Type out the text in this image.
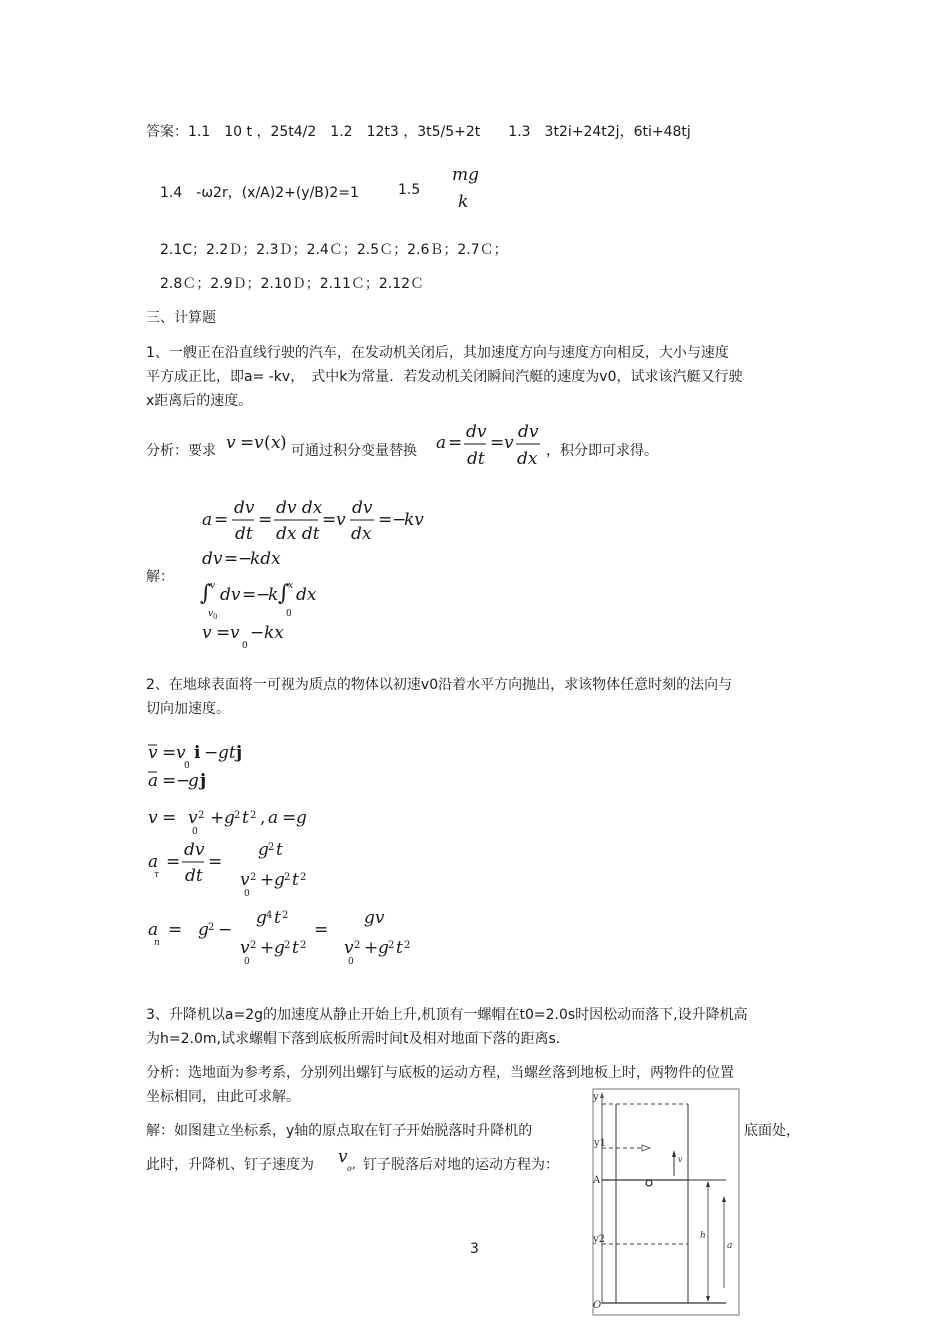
答案：1.1　10 t ，25t4/2　1.2　12t3 ，3t5/5+2t　　1.3　3t2i+24t2j，6ti+48tj
1.4　-ω2r，(x/A)2+(y/B)2=1	1.5
mg
k
2.1C；2.2Ｄ；2.3Ｄ；2.4Ｃ；2.5Ｃ；2.6Ｂ；2.7Ｃ；
2.8Ｃ；2.9Ｄ；2.10Ｄ；2.11Ｃ；2.12Ｃ
三、计算题
1、一艘正在沿直线行驶的汽车，在发动机关闭后，其加速度方向与速度方向相反，大小与速度
平方成正比，即a= -kv，　式中k为常量．若发动机关闭瞬间汽艇的速度为v0，试求该汽艇又行驶
x距离后的速度。
分析：要求	可通过积分变量替换	，积分即可求得。
v = v ( x )	a =
dv
dt
= v
dv
dx
解：
a =
dv
dt
=
dv dx
dx dt
= v
dv
dx
= −
kv
dv = −
kdx
∫
v
v 0
dv = −
k ∫
x
0
dx
v = v
0
− kx
2、在地球表面将一可视为质点的物体以初速v0沿着水平方向抛出，求该物体任意时刻的法向与
切向加速度。
v = v
0
i − gt j
a = −
g j
v = v 2
0
+ g 2 t 2 , a = g
a
τ
=
dv
dt
=
g 2 t
v 2
0
+ g 2 t 2
a
n
= g 2 −
g 4 t 2
v 2
0
+ g 2 t 2
=
gv
v 2
0
+ g 2 t 2
3、升降机以a=2g的加速度从静止开始上升,机顶有一螺帽在t0=2.0s时因松动而落下,设升降机高
为h=2.0m,试求螺帽下落到底板所需时间t及相对地面下落的距离s.
分析：选地面为参考系，分别列出螺钉与底板的运动方程，当螺丝落到地板上时，两物件的位置
坐标相同，由此可求解。
解：如图建立坐标系，y轴的原点取在钉子开始脱落时升降机的	底面处，
此时，升降机、钉子速度为 v
o , 钉子脱落后对地的运动方程为：
y
y1
A
v
y2
O
h
a
3
